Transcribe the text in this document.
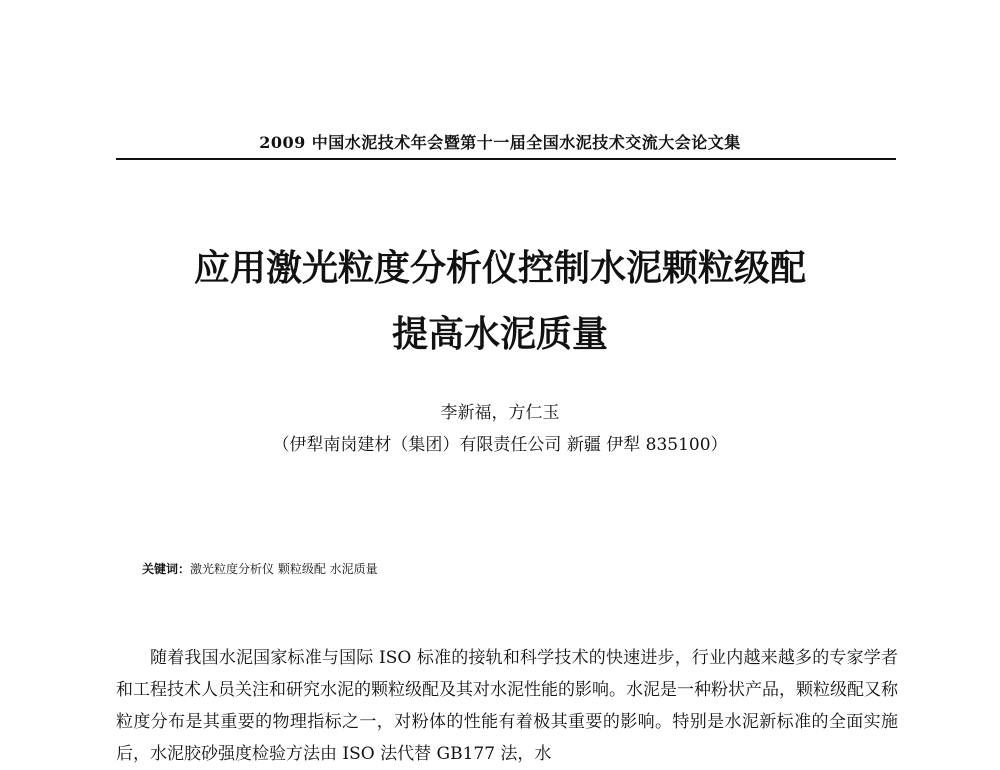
2009 中国水泥技术年会暨第十一届全国水泥技术交流大会论文集
应用激光粒度分析仪控制水泥颗粒级配
提高水泥质量
李新福，方仁玉
（伊犁南岗建材（集团）有限责任公司 新疆 伊犁 835100）
关键词：激光粒度分析仪 颗粒级配 水泥质量

随着我国水泥国家标准与国际 ISO 标准的接轨和科学技术的快速进步，行业内越来越多的专家学者和工程技术人员关注和研究水泥的颗粒级配及其对水泥性能的影响。水泥是一种粉状产品，颗粒级配又称粒度分布是其重要的物理指标之一，对粉体的性能有着极其重要的影响。特别是水泥新标准的全面实施后，水泥胶砂强度检验方法由 ISO 法代替 GB177 法，水
